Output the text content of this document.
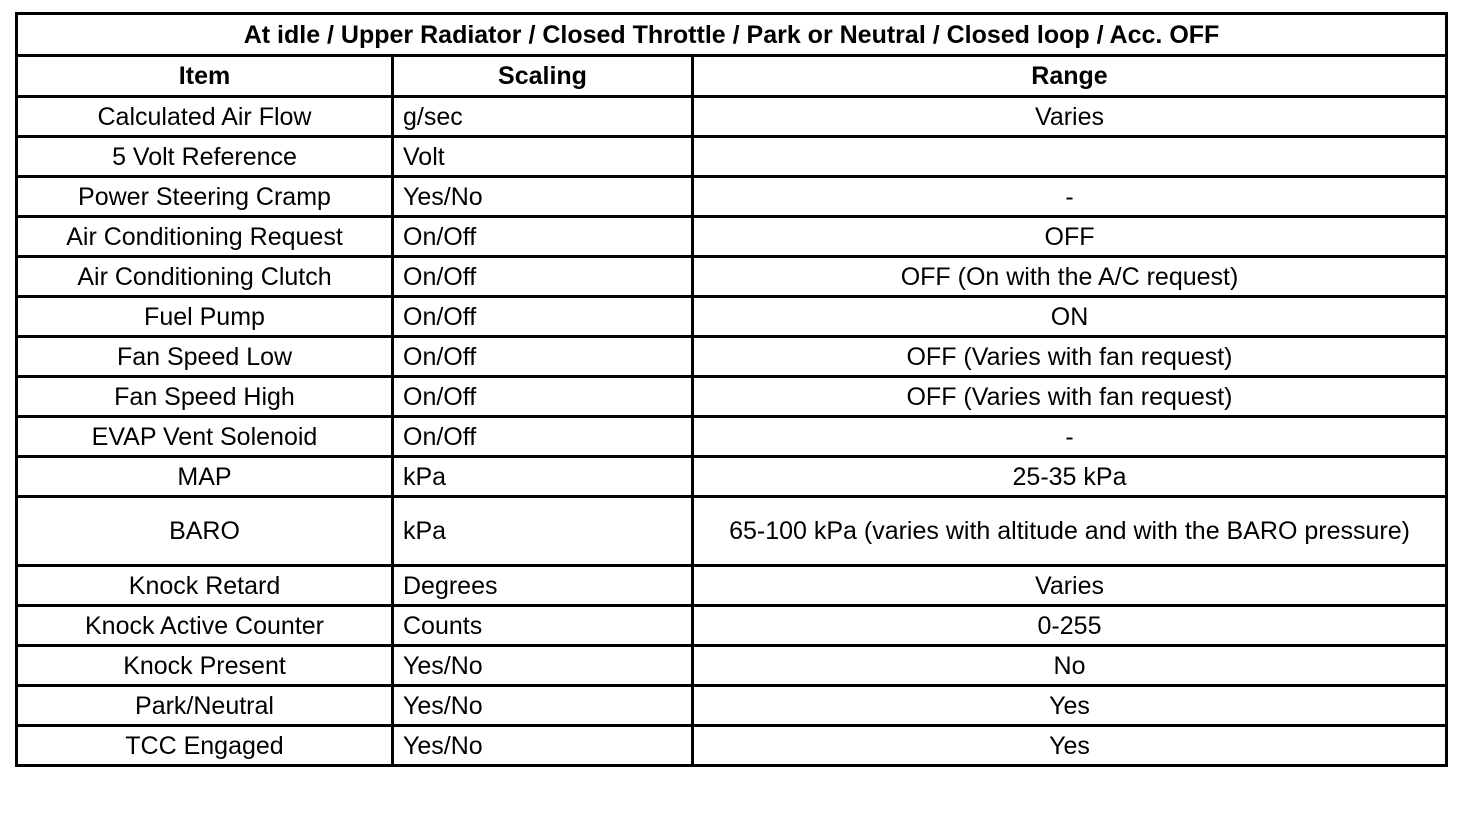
At idle / Upper Radiator / Closed Throttle / Park or Neutral / Closed loop / Acc. OFF		
Item	Scaling	Range
Calculated Air Flow	g/sec	Varies
5 Volt Reference	Volt	
Power Steering Cramp	Yes/No	-
Air Conditioning Request	On/Off	OFF
Air Conditioning Clutch	On/Off	OFF (On with the A/C request)
Fuel Pump	On/Off	ON
Fan Speed Low	On/Off	OFF (Varies with fan request)
Fan Speed High	On/Off	OFF (Varies with fan request)
EVAP Vent Solenoid	On/Off	-
MAP	kPa	25-35 kPa
BARO	kPa	65-100 kPa (varies with altitude and with the BARO pressure)
Knock Retard	Degrees	Varies
Knock Active Counter	Counts	0-255
Knock Present	Yes/No	No
Park/Neutral	Yes/No	Yes
TCC Engaged	Yes/No	Yes
